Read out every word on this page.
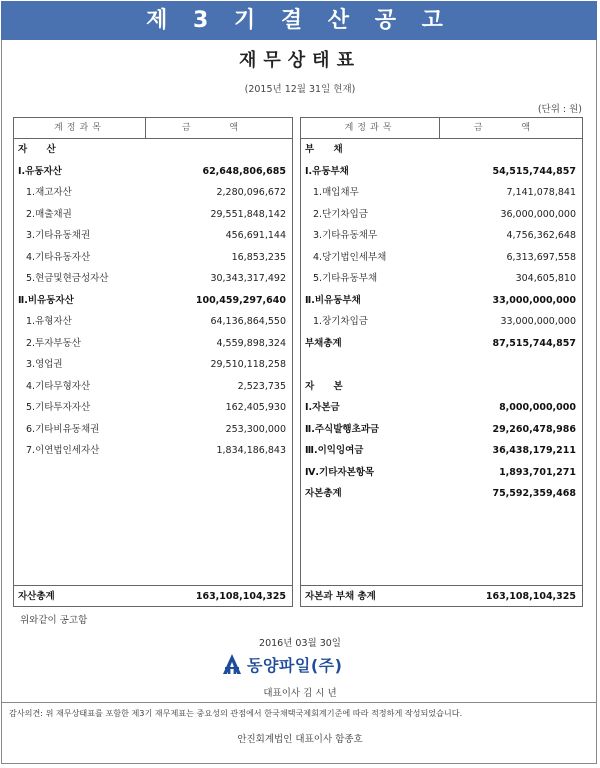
제 3 기 결 산 공 고
재무상태표
(2015년 12월 31일 현재)
(단위 : 원)
계정과목	금 액
자 산
Ⅰ.유동자산	62,648,806,685
1.재고자산	2,280,096,672
2.매출채권	29,551,848,142
3.기타유동채권	456,691,144
4.기타유동자산	16,853,235
5.현금및현금성자산	30,343,317,492
Ⅱ.비유동자산	100,459,297,640
1.유형자산	64,136,864,550
2.투자부동산	4,559,898,324
3.영업권	29,510,118,258
4.기타무형자산	2,523,735
5.기타투자자산	162,405,930
6.기타비유동채권	253,300,000
7.이연법인세자산	1,834,186,843
자산총계	163,108,104,325
계정과목	금 액
부 채
Ⅰ.유동부채	54,515,744,857
1.매입채무	7,141,078,841
2.단기차입금	36,000,000,000
3.기타유동채무	4,756,362,648
4.당기법인세부채	6,313,697,558
5.기타유동부채	304,605,810
Ⅱ.비유동부채	33,000,000,000
1.장기차입금	33,000,000,000
부채총계	87,515,744,857
자 본
Ⅰ.자본금	8,000,000,000
Ⅱ.주식발행초과금	29,260,478,986
Ⅲ.이익잉여금	36,438,179,211
Ⅳ.기타자본항목	1,893,701,271
자본총계	75,592,359,468
자본과 부채 총계	163,108,104,325
위와같이 공고함
2016년 03월 30일
동양파일(주)
대표이사 김 시 년
감사의견: 위 재무상태표를 포함한 제3기 재무제표는 중요성의 관점에서 한국채택국제회계기준에 따라 적정하게 작성되었습니다.
안진회계법인 대표이사 함종호
